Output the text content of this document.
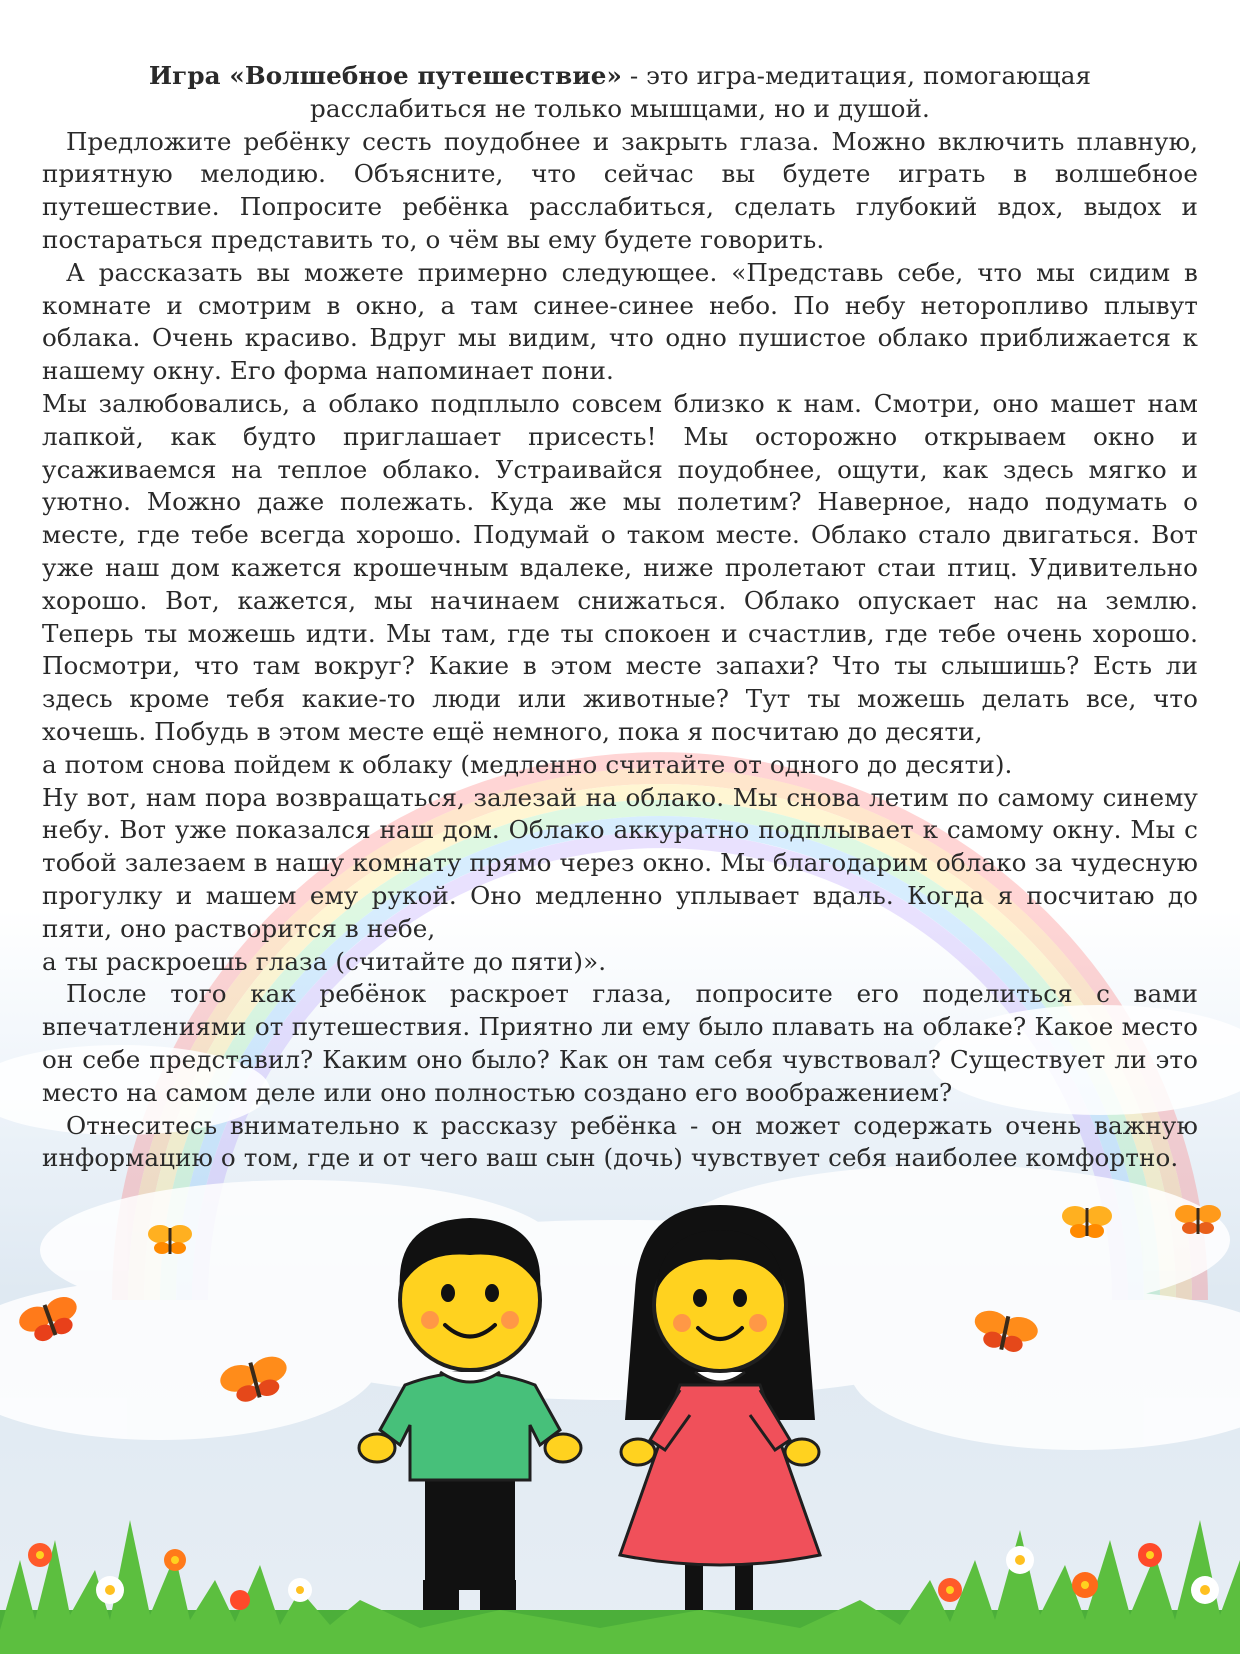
Игра «Волшебное путешествие» - это игра-медитация, помогающая
расслабиться не только мышцами, но и душой.

Предложите ребёнку сесть поудобнее и закрыть глаза. Можно включить плавную, приятную мелодию. Объясните, что сейчас вы будете играть в волшебное путешествие. Попросите ребёнка расслабиться, сделать глубокий вдох, выдох и постараться представить то, о чём вы ему будете говорить.

А рассказать вы можете примерно следующее. «Представь себе, что мы сидим в комнате и смотрим в окно, а там синее-синее небо. По небу неторопливо плывут облака. Очень красиво. Вдруг мы видим, что одно пушистое облако приближается к нашему окну. Его форма напоминает пони.

Мы залюбовались, а облако подплыло совсем близко к нам. Смотри, оно машет нам лапкой, как будто приглашает присесть! Мы осторожно открываем окно и усаживаемся на теплое облако. Устраивайся поудобнее, ощути, как здесь мягко и уютно. Можно даже полежать. Куда же мы полетим? Наверное, надо подумать о месте, где тебе всегда хорошо. Подумай о таком месте. Облако стало двигаться. Вот уже наш дом кажется крошечным вдалеке, ниже пролетают стаи птиц. Удивительно хорошо. Вот, кажется, мы начинаем снижаться. Облако опускает нас на землю. Теперь ты можешь идти. Мы там, где ты спокоен и счастлив, где тебе очень хорошо. Посмотри, что там вокруг? Какие в этом месте запахи? Что ты слышишь? Есть ли здесь кроме тебя какие-то люди или животные? Тут ты можешь делать все, что хочешь. Побудь в этом месте ещё немного, пока я посчитаю до десяти,

а потом снова пойдем к облаку (медленно считайте от одного до десяти).

Ну вот, нам пора возвращаться, залезай на облако. Мы снова летим по самому синему небу. Вот уже показался наш дом. Облако аккуратно подплывает к самому окну. Мы с тобой залезаем в нашу комнату прямо через окно. Мы благодарим облако за чудесную прогулку и машем ему рукой. Оно медленно уплывает вдаль. Когда я посчитаю до пяти, оно растворится в небе,

а ты раскроешь глаза (считайте до пяти)».

После того как ребёнок раскроет глаза, попросите его поделиться с вами впечатлениями от путешествия. Приятно ли ему было плавать на облаке? Какое место он себе представил? Каким оно было? Как он там себя чувствовал? Существует ли это место на самом деле или оно полностью создано его воображением?

Отнеситесь внимательно к рассказу ребёнка - он может содержать очень важную информацию о том, где и от чего ваш сын (дочь) чувствует себя наиболее комфортно.
